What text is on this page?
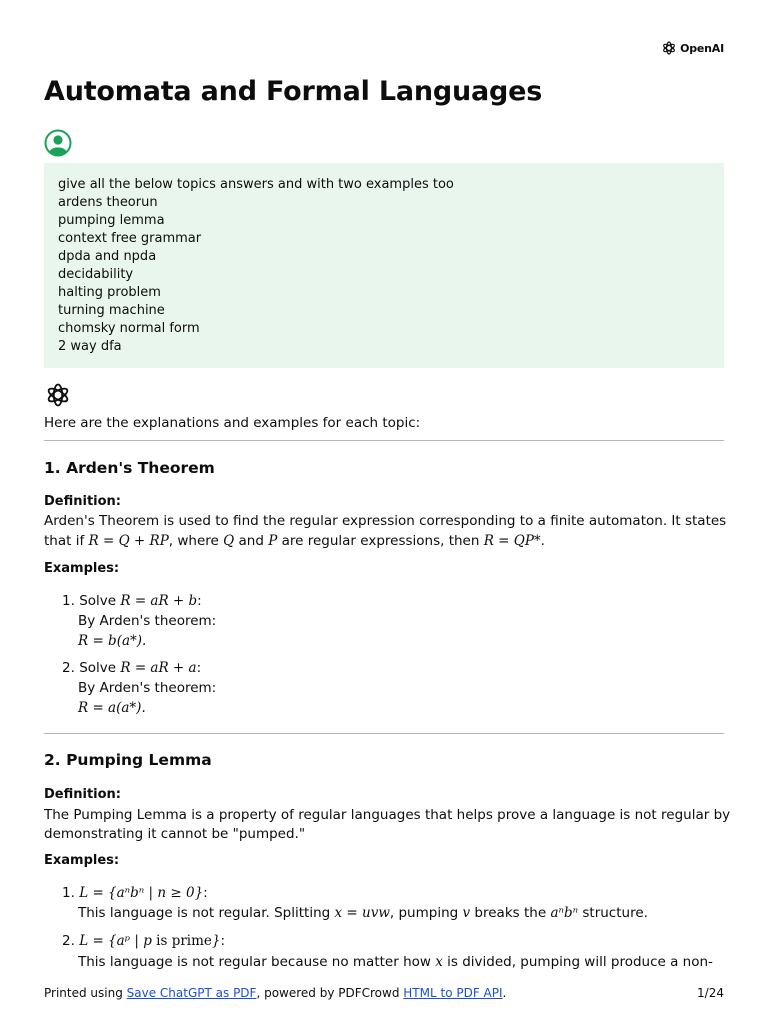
OpenAI
Automata and Formal Languages
give all the below topics answers and with two examples too
ardens theorun
pumping lemma
context free grammar
dpda and npda
decidability
halting problem
turning machine
chomsky normal form
2 way dfa
Here are the explanations and examples for each topic:
1. Arden's Theorem
Definition:
Arden's Theorem is used to find the regular expression corresponding to a finite automaton. It states
that if R = Q + RP, where Q and P are regular expressions, then R = QP*.
Examples:
1. Solve R = aR + b:
By Arden's theorem:
R = b(a*).
2. Solve R = aR + a:
By Arden's theorem:
R = a(a*).
2. Pumping Lemma
Definition:
The Pumping Lemma is a property of regular languages that helps prove a language is not regular by
demonstrating it cannot be "pumped."
Examples:
1. L = {aⁿbⁿ | n ≥ 0}:
This language is not regular. Splitting x = uvw, pumping v breaks the aⁿbⁿ structure.
2. L = {aᵖ | p is prime}:
This language is not regular because no matter how x is divided, pumping will produce a non-
Printed using Save ChatGPT as PDF, powered by PDFCrowd HTML to PDF API.	1/24
